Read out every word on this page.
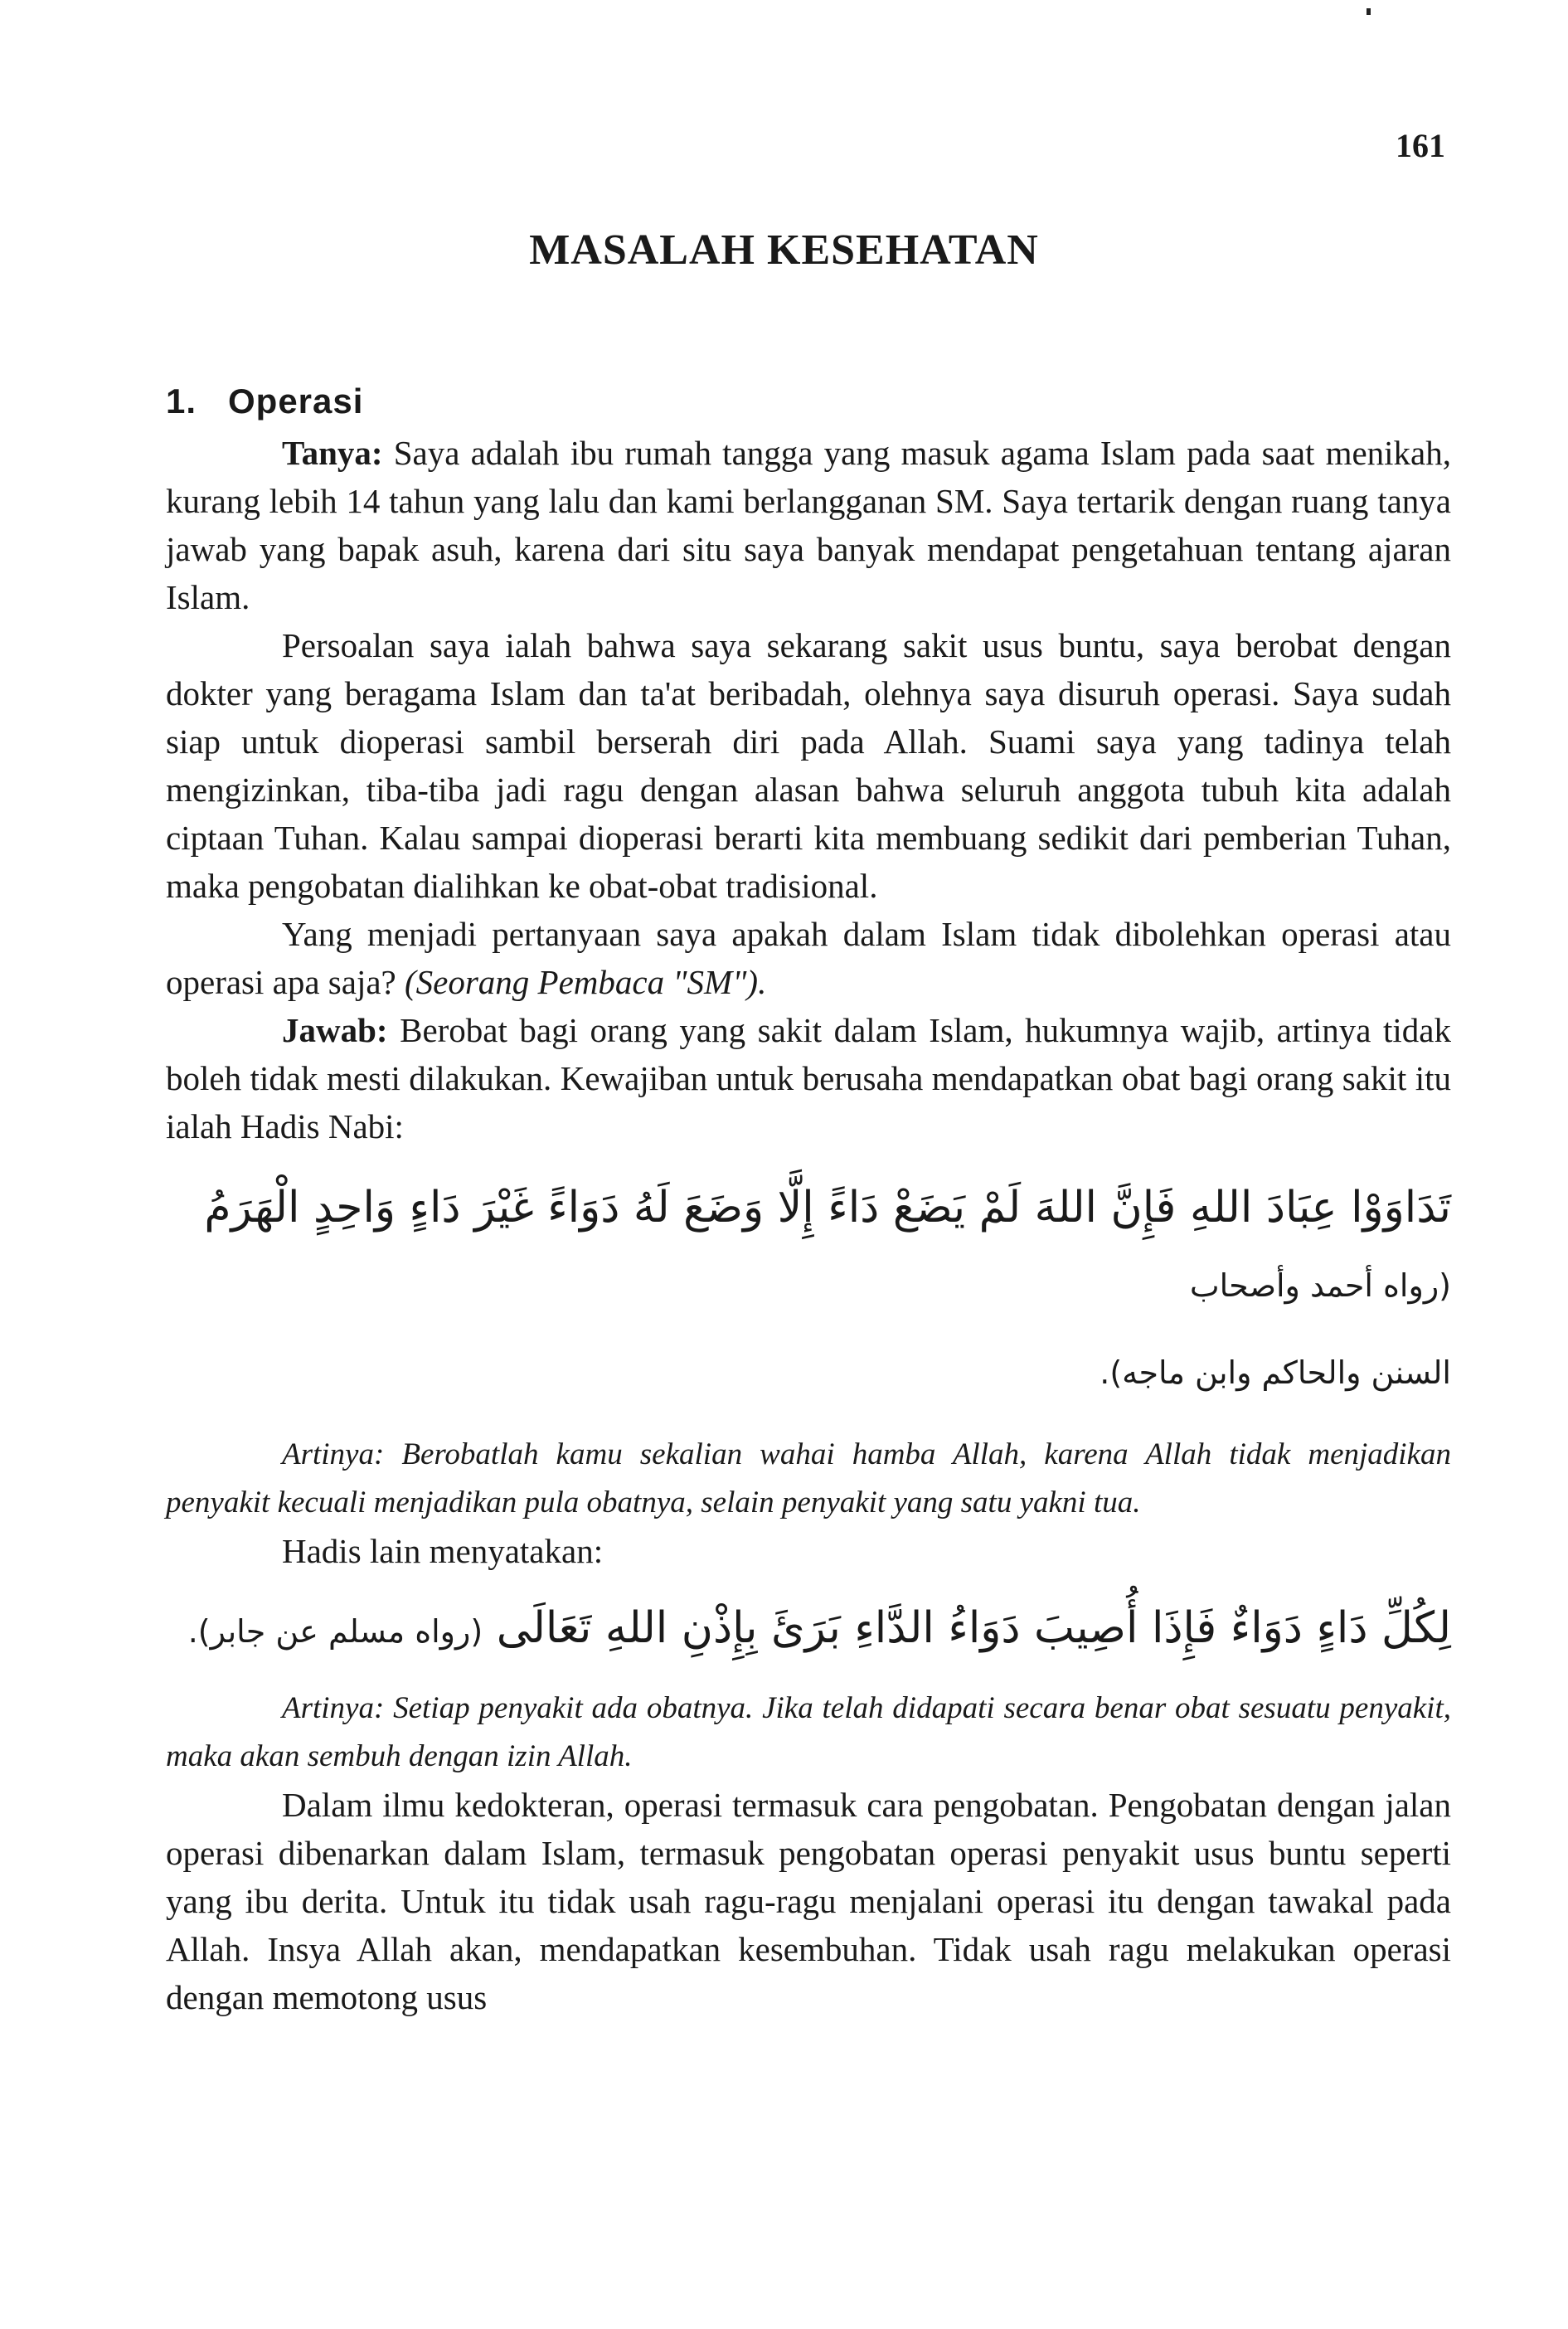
161
MASALAH KESEHATAN
1. Operasi

Tanya: Saya adalah ibu rumah tangga yang masuk agama Islam pada saat menikah, kurang lebih 14 tahun yang lalu dan kami berlangganan SM. Saya tertarik dengan ruang tanya jawab yang bapak asuh, karena dari situ saya banyak mendapat pengetahuan tentang ajaran Islam.

Persoalan saya ialah bahwa saya sekarang sakit usus buntu, saya berobat dengan dokter yang beragama Islam dan ta'at beribadah, olehnya saya disuruh operasi. Saya sudah siap untuk dioperasi sambil berserah diri pada Allah. Suami saya yang tadinya telah mengizinkan, tiba-tiba jadi ragu dengan alasan bahwa seluruh anggota tubuh kita adalah ciptaan Tuhan. Kalau sampai dioperasi berarti kita membuang sedikit dari pemberian Tuhan, maka pengobatan dialihkan ke obat-obat tradisional.

Yang menjadi pertanyaan saya apakah dalam Islam tidak dibolehkan operasi atau operasi apa saja? (Seorang Pembaca "SM").

Jawab: Berobat bagi orang yang sakit dalam Islam, hukumnya wajib, artinya tidak boleh tidak mesti dilakukan. Kewajiban untuk berusaha mendapatkan obat bagi orang sakit itu ialah Hadis Nabi:

تَدَاوَوْا عِبَادَ اللهِ فَإِنَّ اللهَ لَمْ يَضَعْ دَاءً إِلَّا وَضَعَ لَهُ دَوَاءً غَيْرَ دَاءٍ وَاحِدٍ الْهَرَمُ (رواه أحمد وأصحاب
السنن والحاكم وابن ماجه).
Artinya: Berobatlah kamu sekalian wahai hamba Allah, karena Allah tidak menjadikan penyakit kecuali menjadikan pula obatnya, selain penyakit yang satu yakni tua.

Hadis lain menyatakan:

لِكُلِّ دَاءٍ دَوَاءٌ فَإِذَا أُصِيبَ دَوَاءُ الدَّاءِ بَرَئَ بِإِذْنِ اللهِ تَعَالَى (رواه مسلم عن جابر).
Artinya: Setiap penyakit ada obatnya. Jika telah didapati secara benar obat sesuatu penyakit, maka akan sembuh dengan izin Allah.

Dalam ilmu kedokteran, operasi termasuk cara pengobatan. Pengobatan dengan jalan operasi dibenarkan dalam Islam, termasuk pengobatan operasi penyakit usus buntu seperti yang ibu derita. Untuk itu tidak usah ragu-ragu menjalani operasi itu dengan tawakal pada Allah. Insya Allah akan, mendapatkan kesembuhan. Tidak usah ragu melakukan operasi dengan memotong usus
